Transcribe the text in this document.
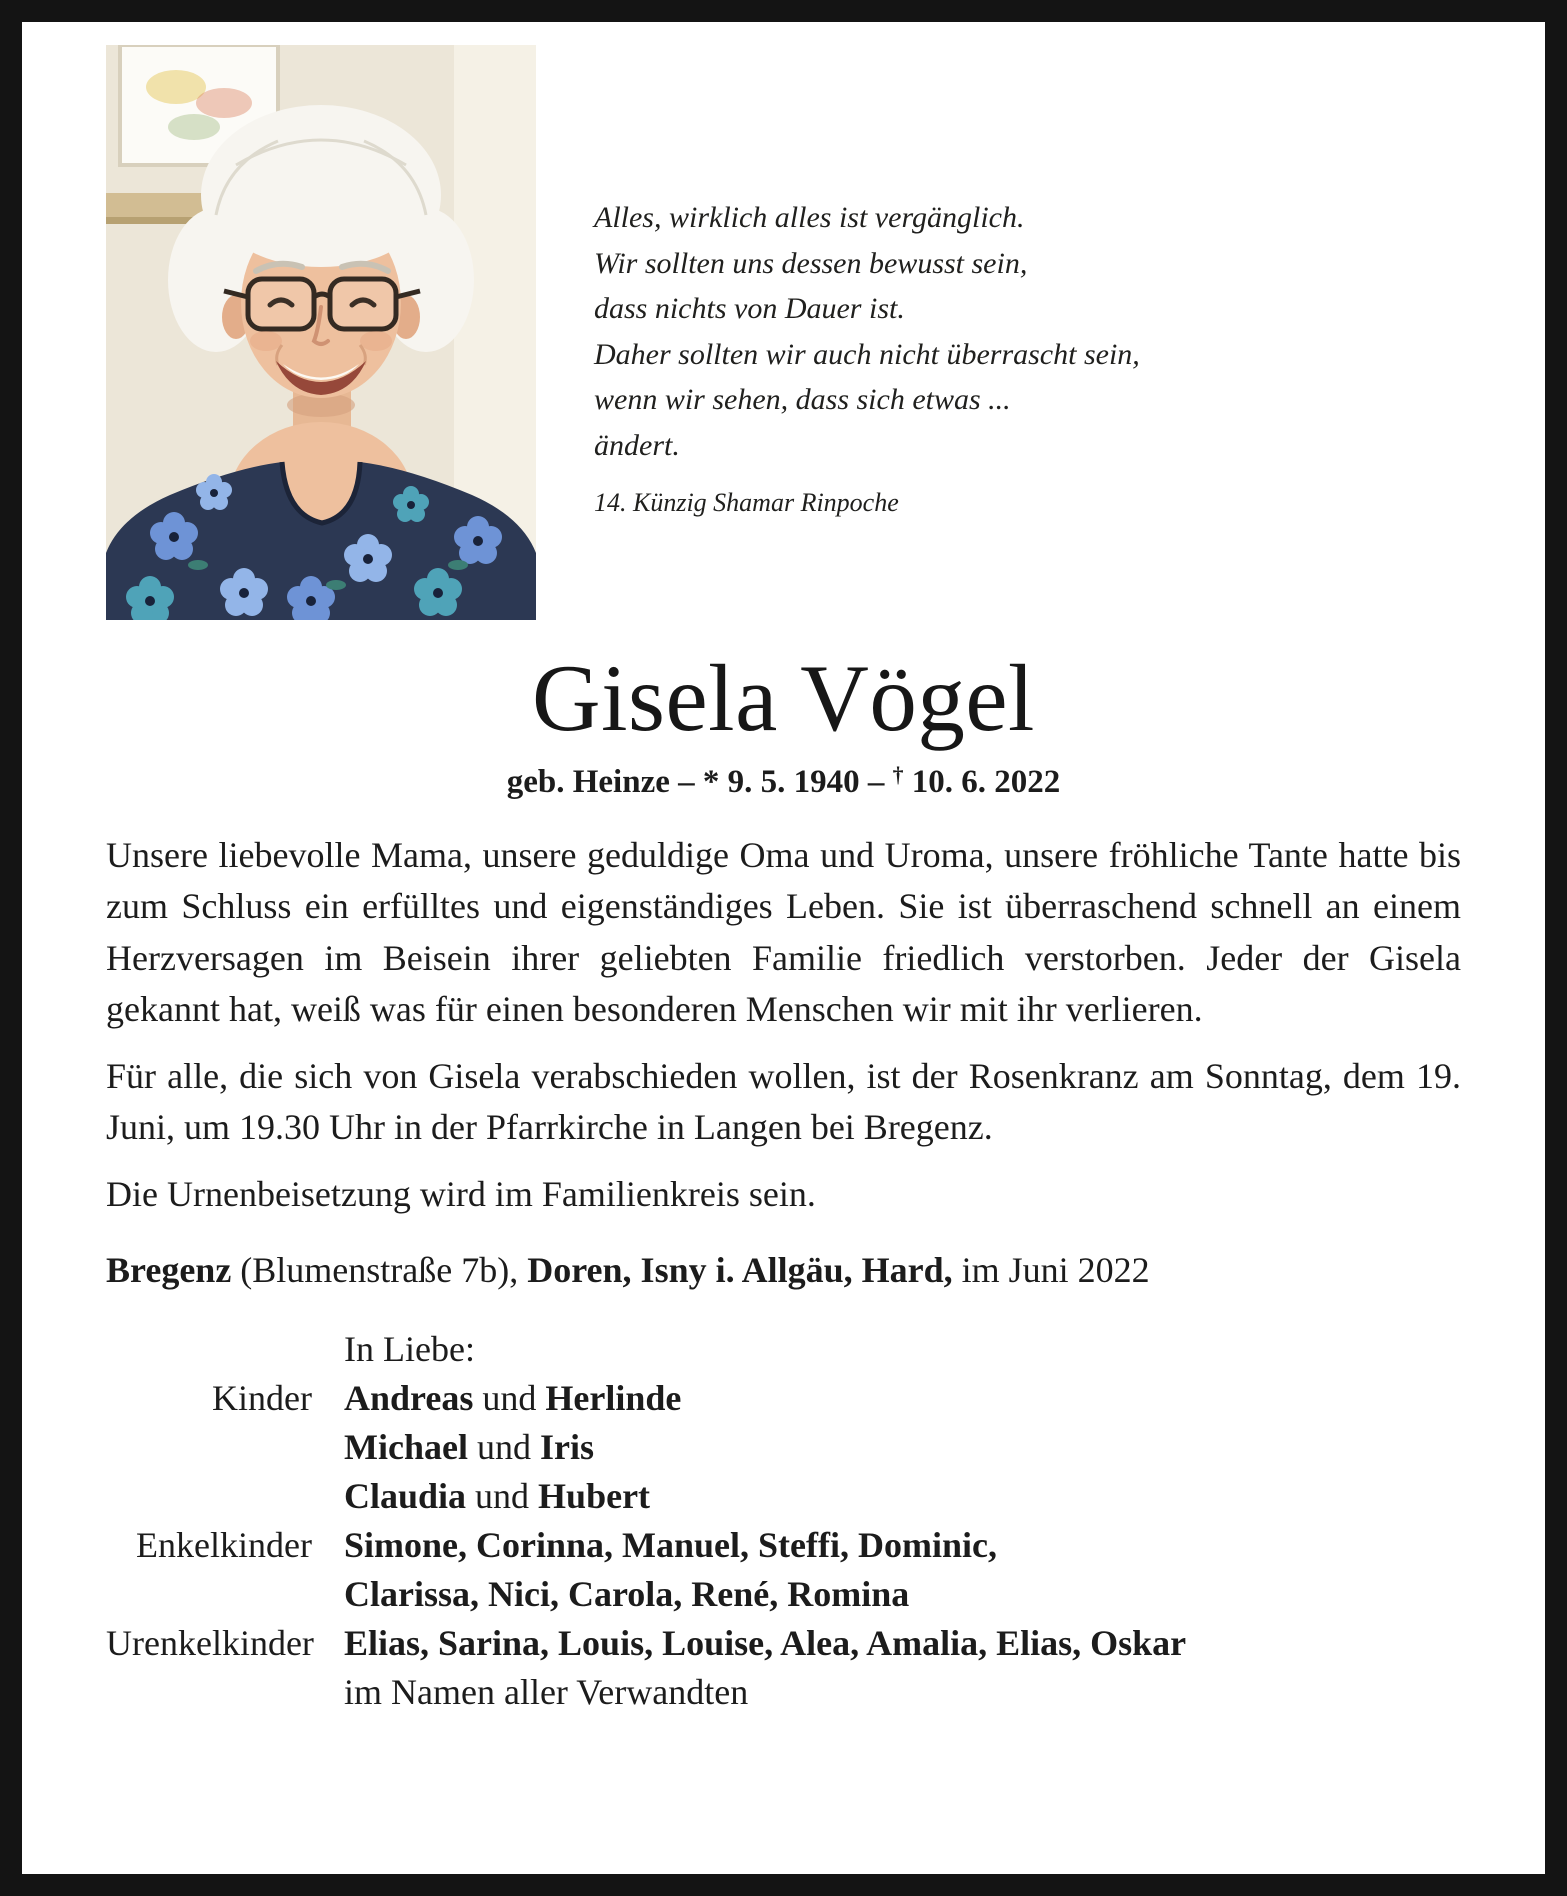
Alles, wirklich alles ist vergänglich.
Wir sollten uns dessen bewusst sein,
dass nichts von Dauer ist.
Daher sollten wir auch nicht überrascht sein,
wenn wir sehen, dass sich etwas ...
ändert.
14. Künzig Shamar Rinpoche
Gisela Vögel

geb. Heinze – * 9. 5. 1940 – † 10. 6. 2022

Unsere liebevolle Mama, unsere geduldige Oma und Uroma, unsere fröhliche Tante hatte bis zum Schluss ein erfülltes und eigenständiges Leben. Sie ist überraschend schnell an einem Herzversagen im Beisein ihrer geliebten Familie friedlich verstorben. Jeder der Gisela gekannt hat, weiß was für einen besonderen Menschen wir mit ihr verlieren.

Für alle, die sich von Gisela verabschieden wollen, ist der Rosenkranz am Sonntag, dem 19. Juni, um 19.30 Uhr in der Pfarrkirche in Langen bei Bregenz.

Die Urnenbeisetzung wird im Familienkreis sein.

Bregenz (Blumenstraße 7b), Doren, Isny i. Allgäu, Hard, im Juni 2022

In Liebe:
Kinder Andreas und Herlinde
Michael und Iris
Claudia und Hubert
Enkelkinder Simone, Corinna, Manuel, Steffi, Dominic,
Clarissa, Nici, Carola, René, Romina
Urenkelkinder Elias, Sarina, Louis, Louise, Alea, Amalia, Elias, Oskar
im Namen aller Verwandten
